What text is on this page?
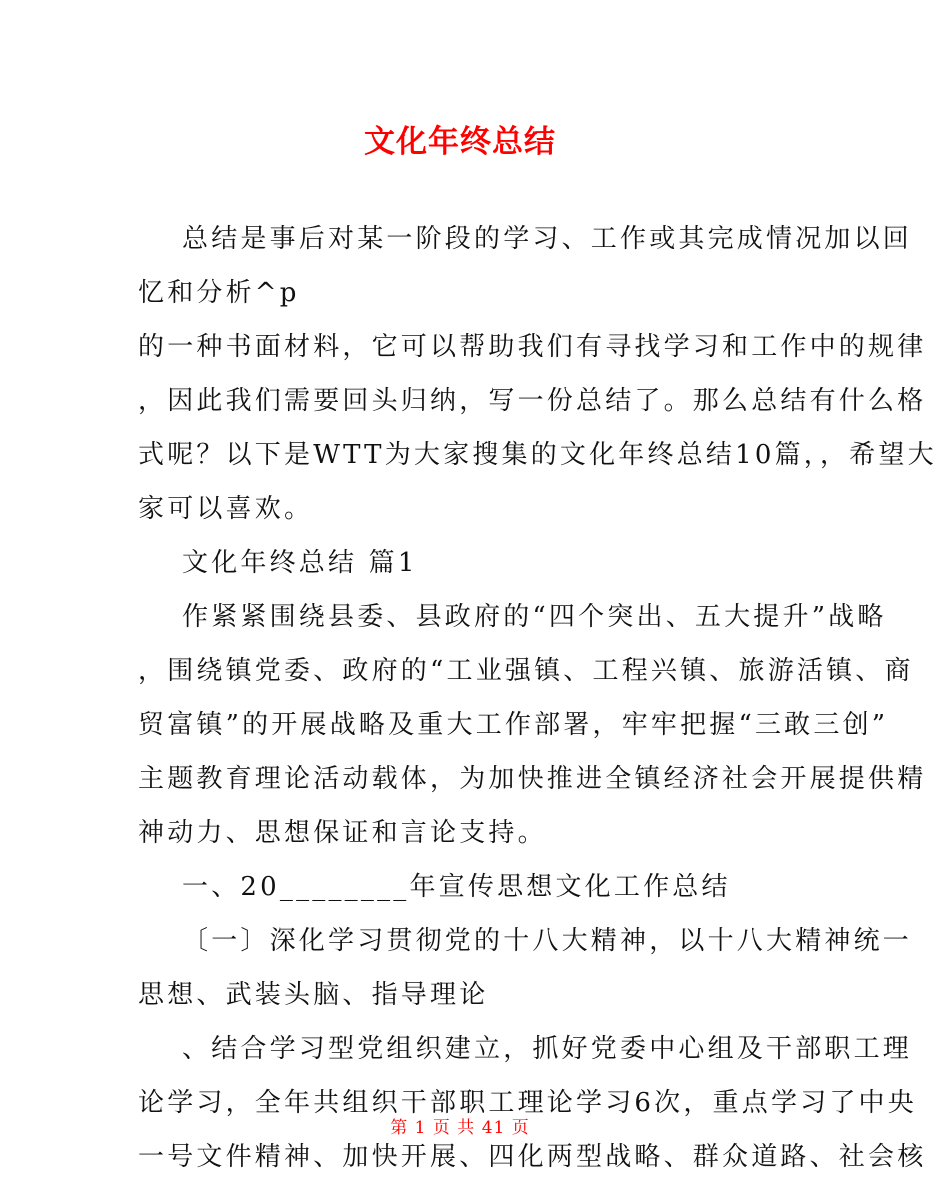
文化年终总结
总结是事后对某一阶段的学习、工作或其完成情况加以回
忆和分析^p
的一种书面材料，它可以帮助我们有寻找学习和工作中的规律
，因此我们需要回头归纳，写一份总结了。那么总结有什么格
式呢？以下是WTT为大家搜集的文化年终总结10篇，，希望大
家可以喜欢。
文化年终总结 篇1
作紧紧围绕县委、县政府的“四个突出、五大提升”战略
，围绕镇党委、政府的“工业强镇、工程兴镇、旅游活镇、商
贸富镇”的开展战略及重大工作部署，牢牢把握“三敢三创”
主题教育理论活动载体，为加快推进全镇经济社会开展提供精
神动力、思想保证和言论支持。
一、20________年宣传思想文化工作总结
〔一〕深化学习贯彻党的十八大精神，以十八大精神统一
思想、武装头脑、指导理论
、结合学习型党组织建立，抓好党委中心组及干部职工理
论学习，全年共组织干部职工理论学习6次，重点学习了中央
一号文件精神、加快开展、四化两型战略、群众道路、社会核
第 1 页 共 41 页
